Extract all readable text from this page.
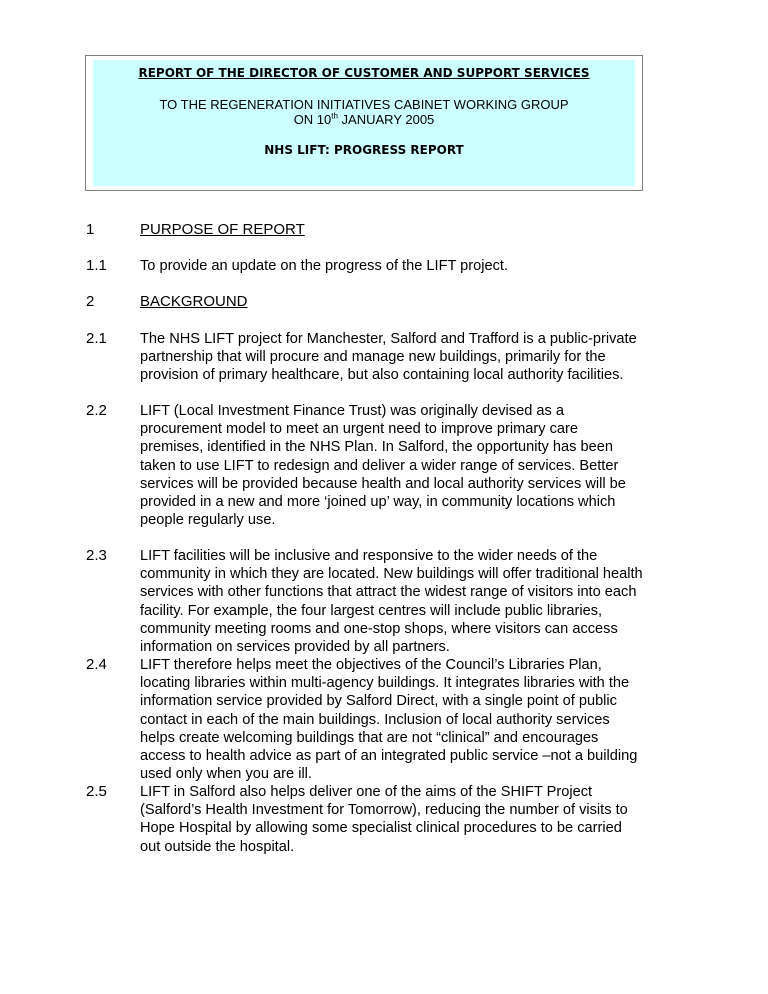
REPORT OF THE DIRECTOR OF CUSTOMER AND SUPPORT SERVICES
TO THE REGENERATION INITIATIVES CABINET WORKING GROUP
ON 10th JANUARY 2005
NHS LIFT: PROGRESS REPORT
1	PURPOSE OF REPORT
1.1 To provide an update on the progress of the LIFT project.
2	BACKGROUND
2.1 The NHS LIFT project for Manchester, Salford and Trafford is a public-private
partnership that will procure and manage new buildings, primarily for the
provision of primary healthcare, but also containing local authority facilities.
2.2 LIFT (Local Investment Finance Trust) was originally devised as a
procurement model to meet an urgent need to improve primary care
premises, identified in the NHS Plan. In Salford, the opportunity has been
taken to use LIFT to redesign and deliver a wider range of services. Better
services will be provided because health and local authority services will be
provided in a new and more ‘joined up’ way, in community locations which
people regularly use.
2.3 LIFT facilities will be inclusive and responsive to the wider needs of the
community in which they are located. New buildings will offer traditional health
services with other functions that attract the widest range of visitors into each
facility. For example, the four largest centres will include public libraries,
community meeting rooms and one-stop shops, where visitors can access
information on services provided by all partners.
2.4 LIFT therefore helps meet the objectives of the Council’s Libraries Plan,
locating libraries within multi-agency buildings. It integrates libraries with the
information service provided by Salford Direct, with a single point of public
contact in each of the main buildings. Inclusion of local authority services
helps create welcoming buildings that are not “clinical” and encourages
access to health advice as part of an integrated public service –not a building
used only when you are ill.
2.5 LIFT in Salford also helps deliver one of the aims of the SHIFT Project
(Salford’s Health Investment for Tomorrow), reducing the number of visits to
Hope Hospital by allowing some specialist clinical procedures to be carried
out outside the hospital.
